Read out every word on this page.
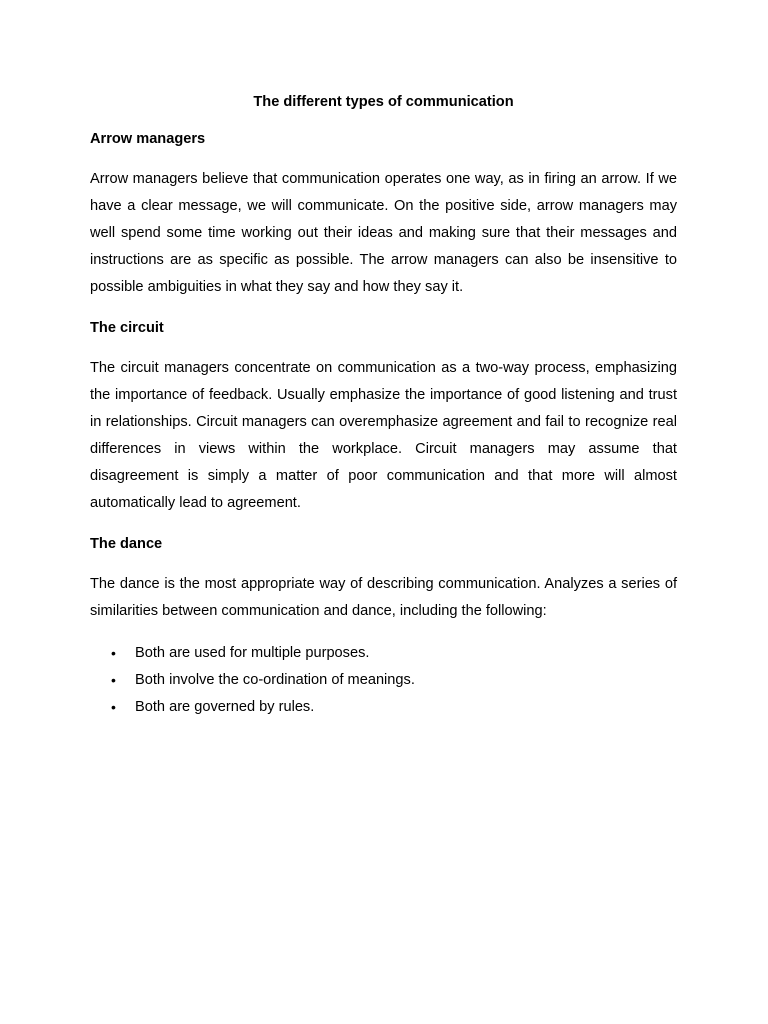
The different types of communication

Arrow managers

Arrow managers believe that communication operates one way, as in firing an arrow. If we have a clear message, we will communicate. On the positive side, arrow managers may well spend some time working out their ideas and making sure that their messages and instructions are as specific as possible. The arrow managers can also be insensitive to possible ambiguities in what they say and how they say it.

The circuit

The circuit managers concentrate on communication as a two-way process, emphasizing the importance of feedback. Usually emphasize the importance of good listening and trust in relationships. Circuit managers can overemphasize agreement and fail to recognize real differences in views within the workplace. Circuit managers may assume that disagreement is simply a matter of poor communication and that more will almost automatically lead to agreement.

The dance

The dance is the most appropriate way of describing communication. Analyzes a series of similarities between communication and dance, including the following:

• Both are used for multiple purposes.
• Both involve the co-ordination of meanings.
• Both are governed by rules.
